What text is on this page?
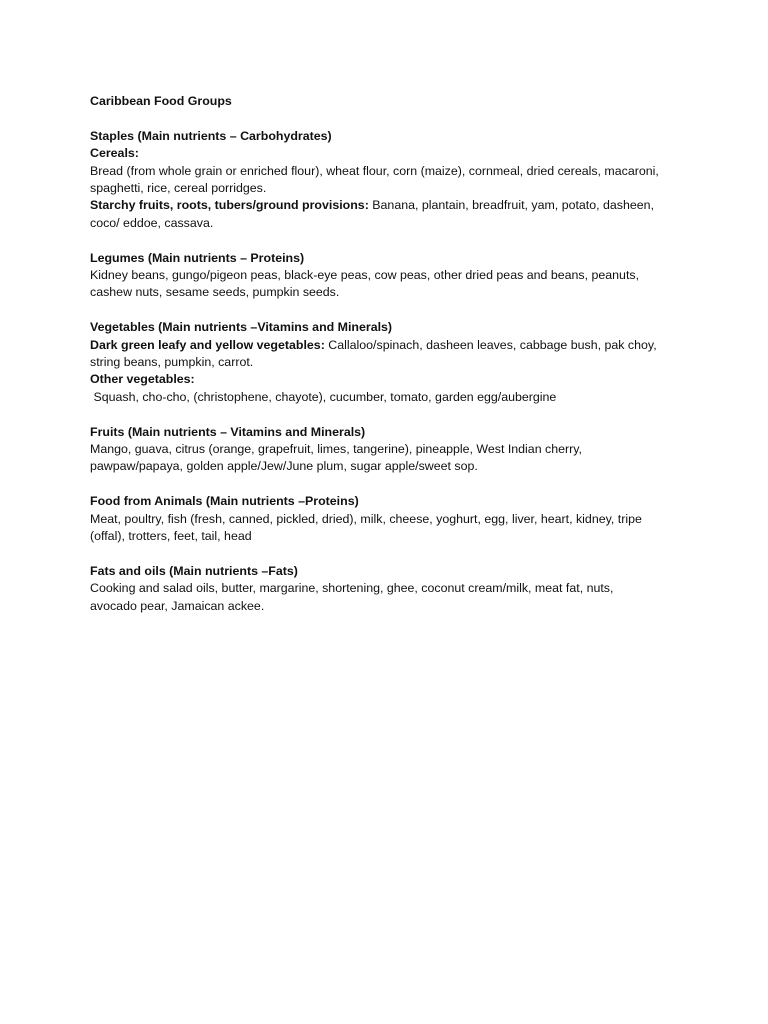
Caribbean Food Groups
Staples (Main nutrients – Carbohydrates)
Cereals:
Bread (from whole grain or enriched flour), wheat flour, corn (maize), cornmeal, dried cereals, macaroni,
spaghetti, rice, cereal porridges.
Starchy fruits, roots, tubers/ground provisions: Banana, plantain, breadfruit, yam, potato, dasheen,
coco/ eddoe, cassava.
Legumes (Main nutrients – Proteins)
Kidney beans, gungo/pigeon peas, black-eye peas, cow peas, other dried peas and beans, peanuts,
cashew nuts, sesame seeds, pumpkin seeds.
Vegetables (Main nutrients –Vitamins and Minerals)
Dark green leafy and yellow vegetables: Callaloo/spinach, dasheen leaves, cabbage bush, pak choy,
string beans, pumpkin, carrot.
Other vegetables:
Squash, cho-cho, (christophene, chayote), cucumber, tomato, garden egg/aubergine
Fruits (Main nutrients – Vitamins and Minerals)
Mango, guava, citrus (orange, grapefruit, limes, tangerine), pineapple, West Indian cherry,
pawpaw/papaya, golden apple/Jew/June plum, sugar apple/sweet sop.
Food from Animals (Main nutrients –Proteins)
Meat, poultry, fish (fresh, canned, pickled, dried), milk, cheese, yoghurt, egg, liver, heart, kidney, tripe
(offal), trotters, feet, tail, head
Fats and oils (Main nutrients –Fats)
Cooking and salad oils, butter, margarine, shortening, ghee, coconut cream/milk, meat fat, nuts,
avocado pear, Jamaican ackee.
